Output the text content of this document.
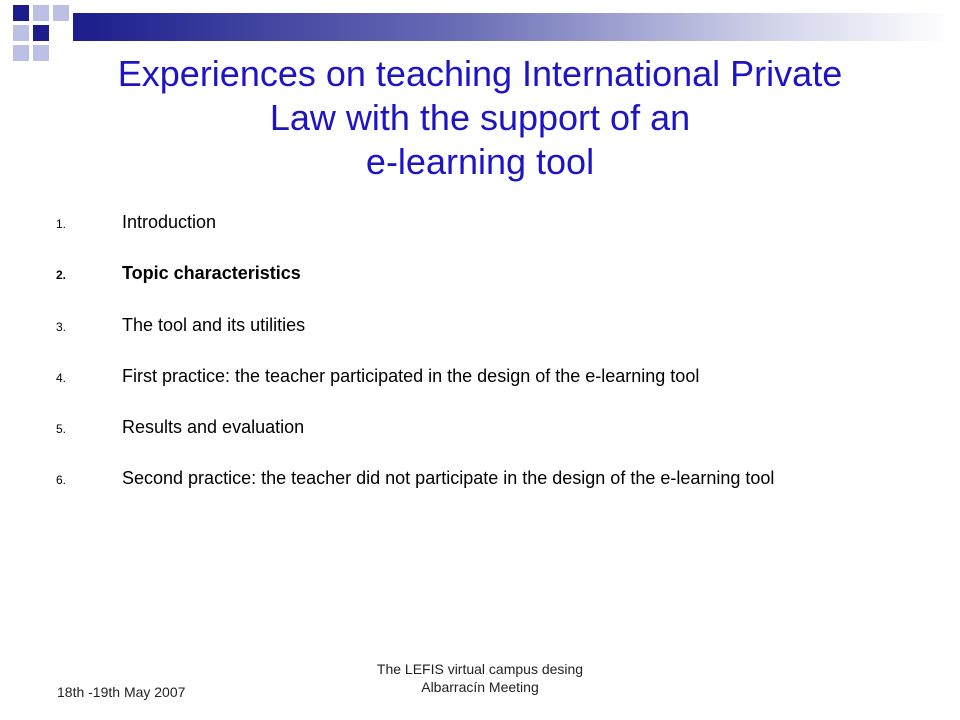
Experiences on teaching International Private
Law with the support of an
e-learning tool
1.	Introduction
2.	Topic characteristics
3.	The tool and its utilities
4.	First practice: the teacher participated in the design of the e-learning tool
5.	Results and evaluation
6.	Second practice: the teacher did not participate in the design of the e-learning tool
The LEFIS virtual campus desing
Albarracín Meeting
18th -19th May 2007
